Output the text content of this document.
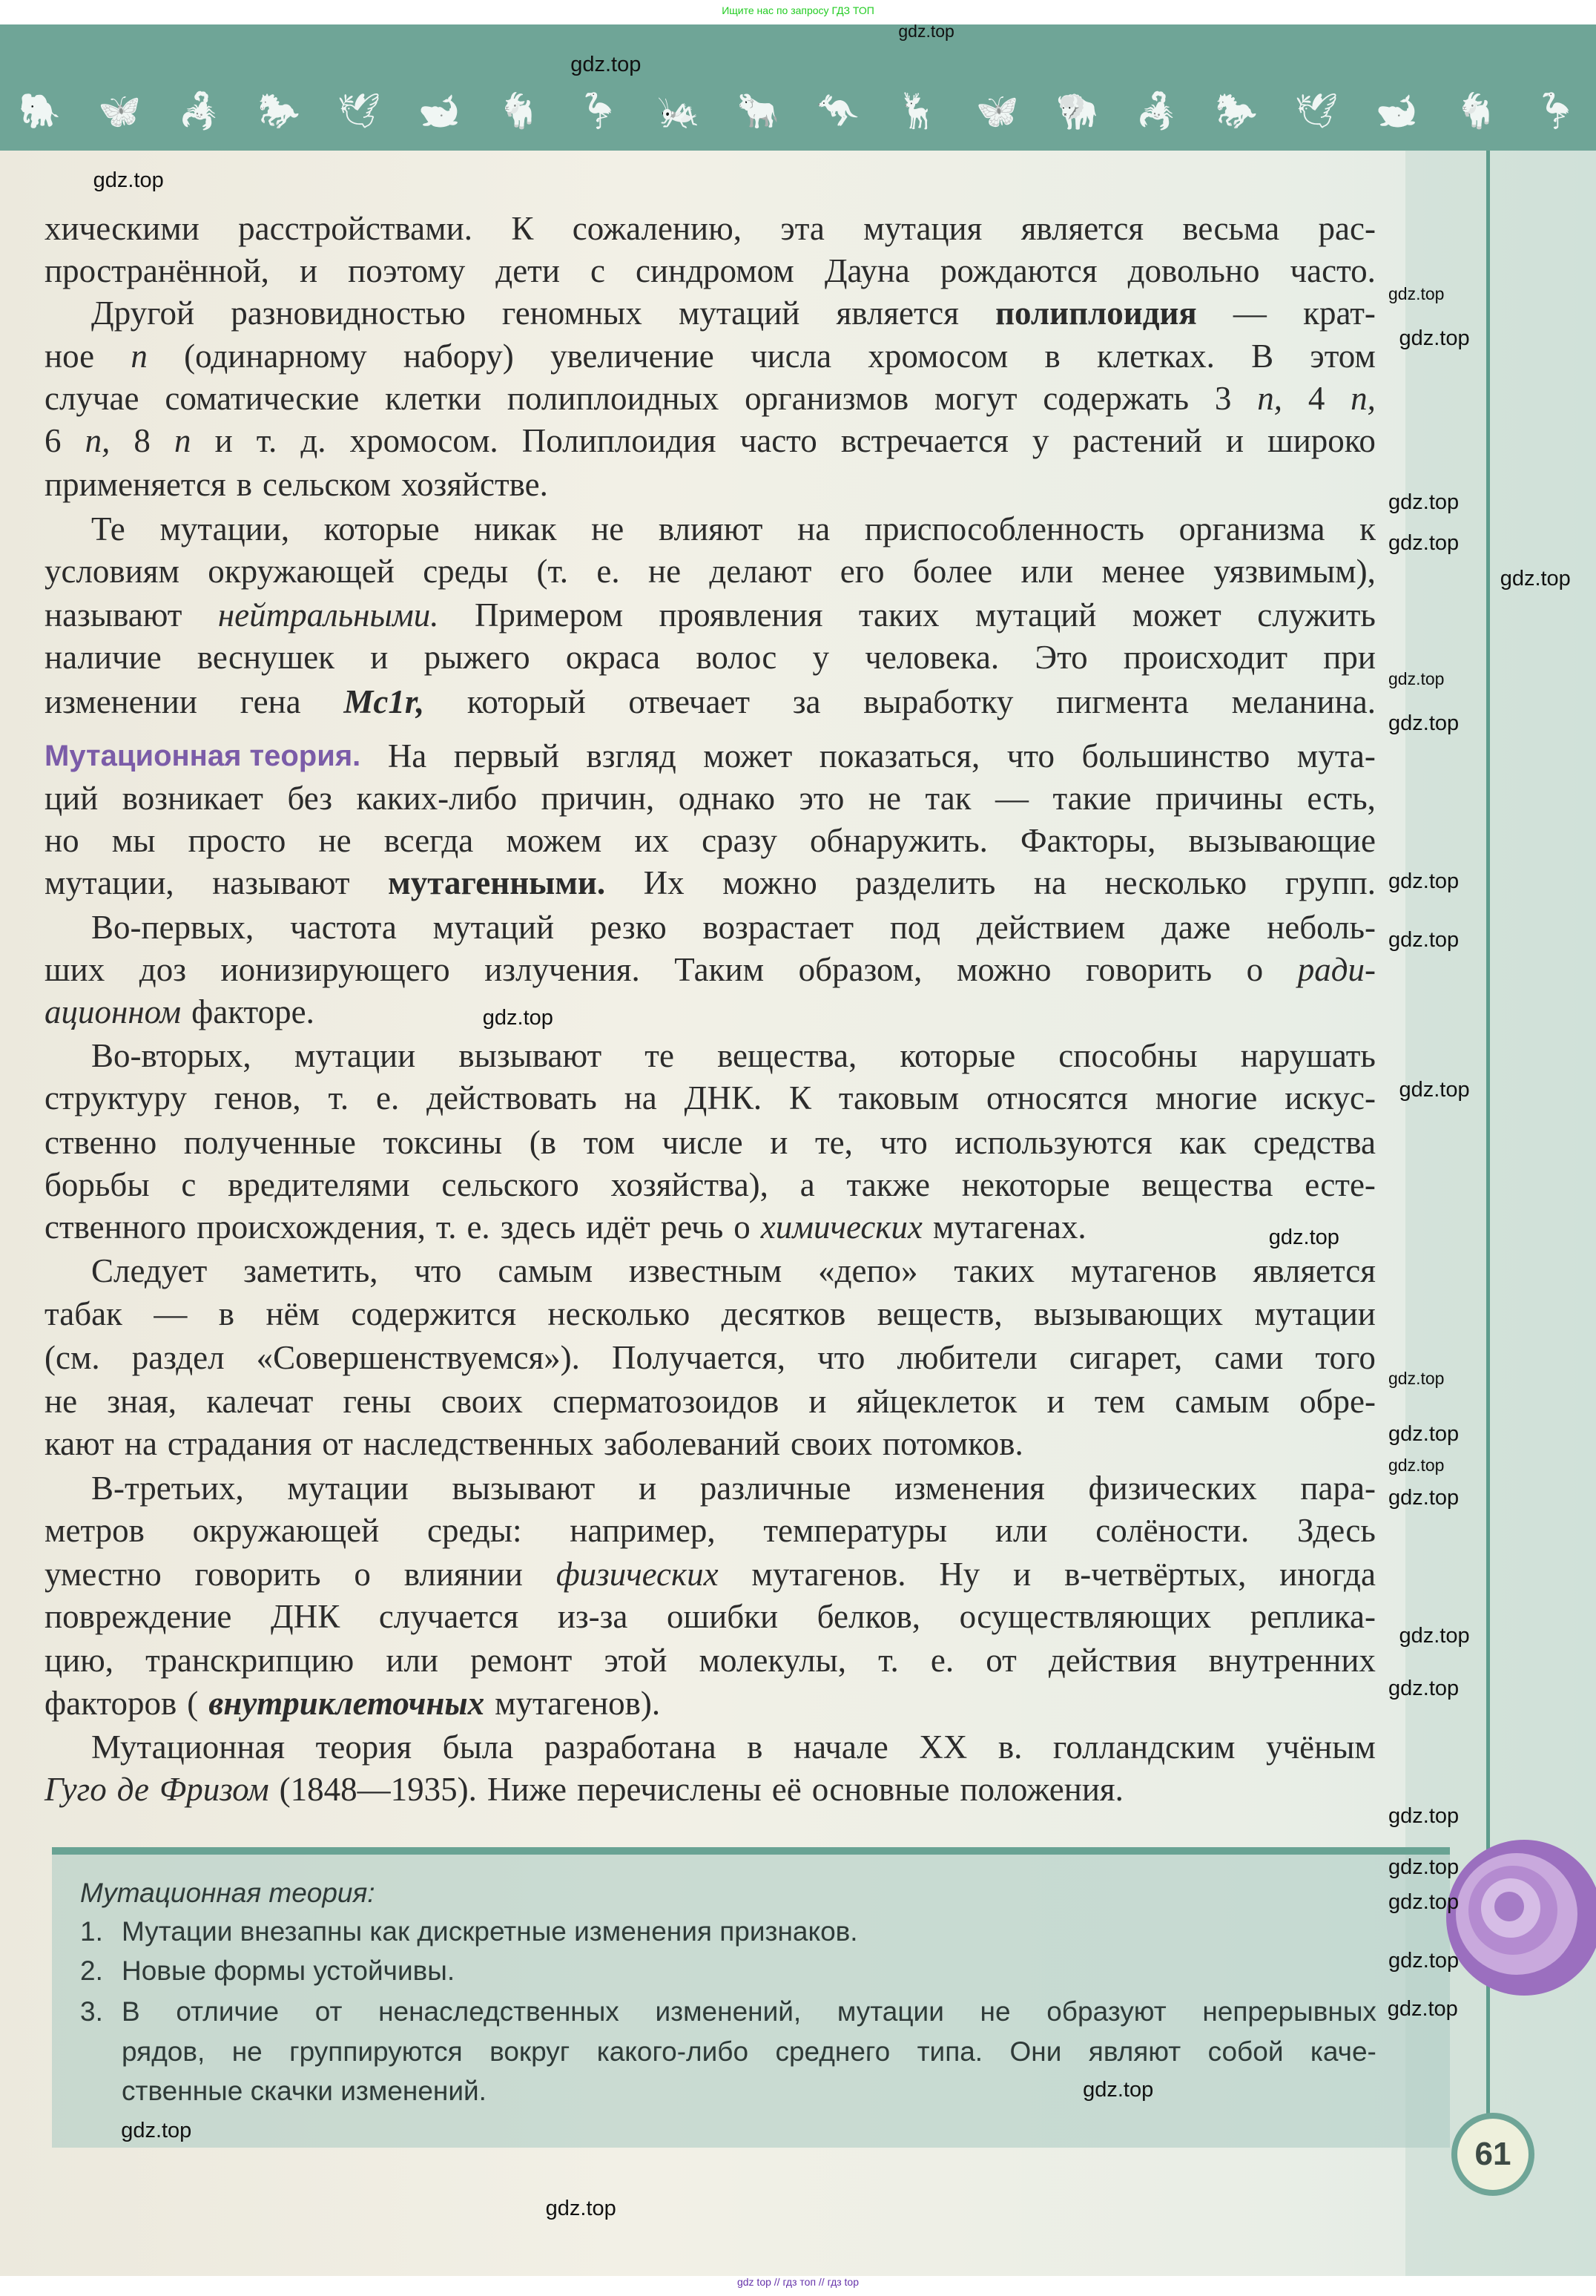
Ищите нас по запросу ГДЗ ТОП
🐘 🦋 🦂 🐎 🕊 🐋 🐐 🦩 🦗 🐂 🦘 🦌 🦋 🦬 🦂 🐎 🕊 🐋 🐐 🦩
хическими расстройствами. К сожалению, эта мутация является весьма рас-
пространённой, и поэтому дети с синдромом Дауна рождаются довольно часто.
Другой разновидностью геномных мутаций является полиплоидия — крат-
ное n (одинарному набору) увеличение числа хромосом в клетках. В этом
случае соматические клетки полиплоидных организмов могут содержать 3 n, 4 n,
6 n, 8 n и т. д. хромосом. Полиплоидия часто встречается у растений и широко
применяется в сельском хозяйстве.
Те мутации, которые никак не влияют на приспособленность организма к
условиям окружающей среды (т. е. не делают его более или менее уязвимым),
называют нейтральными. Примером проявления таких мутаций может служить
наличие веснушек и рыжего окраса волос у человека. Это происходит при
изменении гена Mc1r, который отвечает за выработку пигмента меланина.
Мутационная теория. На первый взгляд может показаться, что большинство мута-
ций возникает без каких-либо причин, однако это не так — такие причины есть,
но мы просто не всегда можем их сразу обнаружить. Факторы, вызывающие
мутации, называют мутагенными. Их можно разделить на несколько групп.
Во-первых, частота мутаций резко возрастает под действием даже неболь-
ших доз ионизирующего излучения. Таким образом, можно говорить о ради-
ационном факторе.
Во-вторых, мутации вызывают те вещества, которые способны нарушать
структуру генов, т. е. действовать на ДНК. К таковым относятся многие искус-
ственно полученные токсины (в том числе и те, что используются как средства
борьбы с вредителями сельского хозяйства), а также некоторые вещества есте-
ственного происхождения, т. е. здесь идёт речь о химических мутагенах.
Следует заметить, что самым известным «депо» таких мутагенов является
табак — в нём содержится несколько десятков веществ, вызывающих мутации
(см. раздел «Совершенствуемся»). Получается, что любители сигарет, сами того
не зная, калечат гены своих сперматозоидов и яйцеклеток и тем самым обре-
кают на страдания от наследственных заболеваний своих потомков.
В-третьих, мутации вызывают и различные изменения физических пара-
метров окружающей среды: например, температуры или солёности. Здесь
уместно говорить о влиянии физических мутагенов. Ну и в-четвёртых, иногда
повреждение ДНК случается из-за ошибки белков, осуществляющих реплика-
цию, транскрипцию или ремонт этой молекулы, т. е. от действия внутренних
факторов ( внутриклеточных мутагенов).
Мутационная теория была разработана в начале XX в. голландским учёным
Гуго де Фризом (1848—1935). Ниже перечислены её основные положения.
Мутационная теория:
1. Мутации внезапны как дискретные изменения признаков.
2. Новые формы устойчивы.
3. В отличие от ненаследственных изменений, мутации не образуют непрерывных
рядов, не группируются вокруг какого-либо среднего типа. Они являют собой каче-
ственные скачки изменений.
61
gdz.top
gdz.top
gdz.top
gdz.top
gdz.top
gdz.top
gdz.top
gdz.top
gdz.top
gdz.top
gdz.top
gdz.top
gdz.top
gdz.top
gdz.top
gdz.top
gdz.top
gdz.top
gdz.top
gdz.top
gdz.top
gdz.top
gdz.top
gdz.top
gdz.top
gdz.top
gdz.top
gdz.top
gdz.top
gdz top // гдз топ // гдз top
